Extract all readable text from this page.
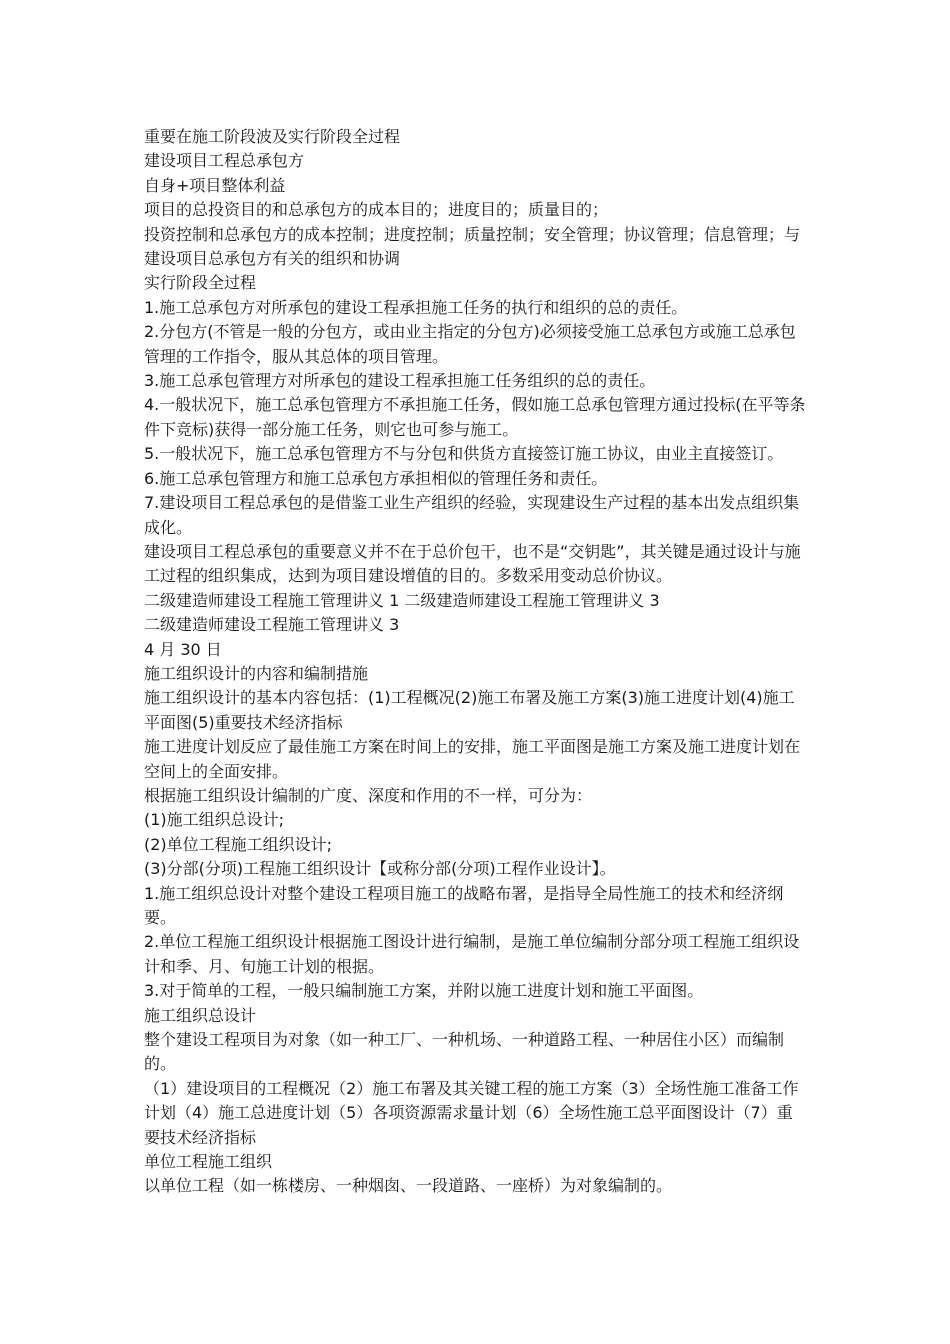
重要在施工阶段波及实行阶段全过程

建设项目工程总承包方

自身+项目整体利益

项目的总投资目的和总承包方的成本目的；进度目的；质量目的；

投资控制和总承包方的成本控制；进度控制；质量控制；安全管理；协议管理；信息管理；与建设项目总承包方有关的组织和协调

实行阶段全过程

1.施工总承包方对所承包的建设工程承担施工任务的执行和组织的总的责任。

2.分包方(不管是一般的分包方，或由业主指定的分包方)必须接受施工总承包方或施工总承包管理的工作指令，服从其总体的项目管理。

3.施工总承包管理方对所承包的建设工程承担施工任务组织的总的责任。

4.一般状况下，施工总承包管理方不承担施工任务，假如施工总承包管理方通过投标(在平等条件下竞标)获得一部分施工任务，则它也可参与施工。

5.一般状况下，施工总承包管理方不与分包和供货方直接签订施工协议，由业主直接签订。

6.施工总承包管理方和施工总承包方承担相似的管理任务和责任。

7.建设项目工程总承包的是借鉴工业生产组织的经验，实现建设生产过程的基本出发点组织集成化。

建设项目工程总承包的重要意义并不在于总价包干，也不是“交钥匙”，其关键是通过设计与施工过程的组织集成，达到为项目建设增值的目的。多数采用变动总价协议。

二级建造师建设工程施工管理讲义 1 二级建造师建设工程施工管理讲义 3

二级建造师建设工程施工管理讲义 3

4 月 30 日

施工组织设计的内容和编制措施

施工组织设计的基本内容包括：(1)工程概况(2)施工布署及施工方案(3)施工进度计划(4)施工平面图(5)重要技术经济指标

施工进度计划反应了最佳施工方案在时间上的安排，施工平面图是施工方案及施工进度计划在空间上的全面安排。

根据施工组织设计编制的广度、深度和作用的不一样，可分为：

(1)施工组织总设计;

(2)单位工程施工组织设计;

(3)分部(分项)工程施工组织设计【或称分部(分项)工程作业设计】。

1.施工组织总设计对整个建设工程项目施工的战略布署，是指导全局性施工的技术和经济纲要。

2.单位工程施工组织设计根据施工图设计进行编制，是施工单位编制分部分项工程施工组织设计和季、月、旬施工计划的根据。

3.对于简单的工程，一般只编制施工方案，并附以施工进度计划和施工平面图。

施工组织总设计

整个建设工程项目为对象（如一种工厂、一种机场、一种道路工程、一种居住小区）而编制的。

（1）建设项目的工程概况（2）施工布署及其关键工程的施工方案（3）全场性施工准备工作计划（4）施工总进度计划（5）各项资源需求量计划（6）全场性施工总平面图设计（7）重要技术经济指标

单位工程施工组织

以单位工程（如一栋楼房、一种烟囱、一段道路、一座桥）为对象编制的。
